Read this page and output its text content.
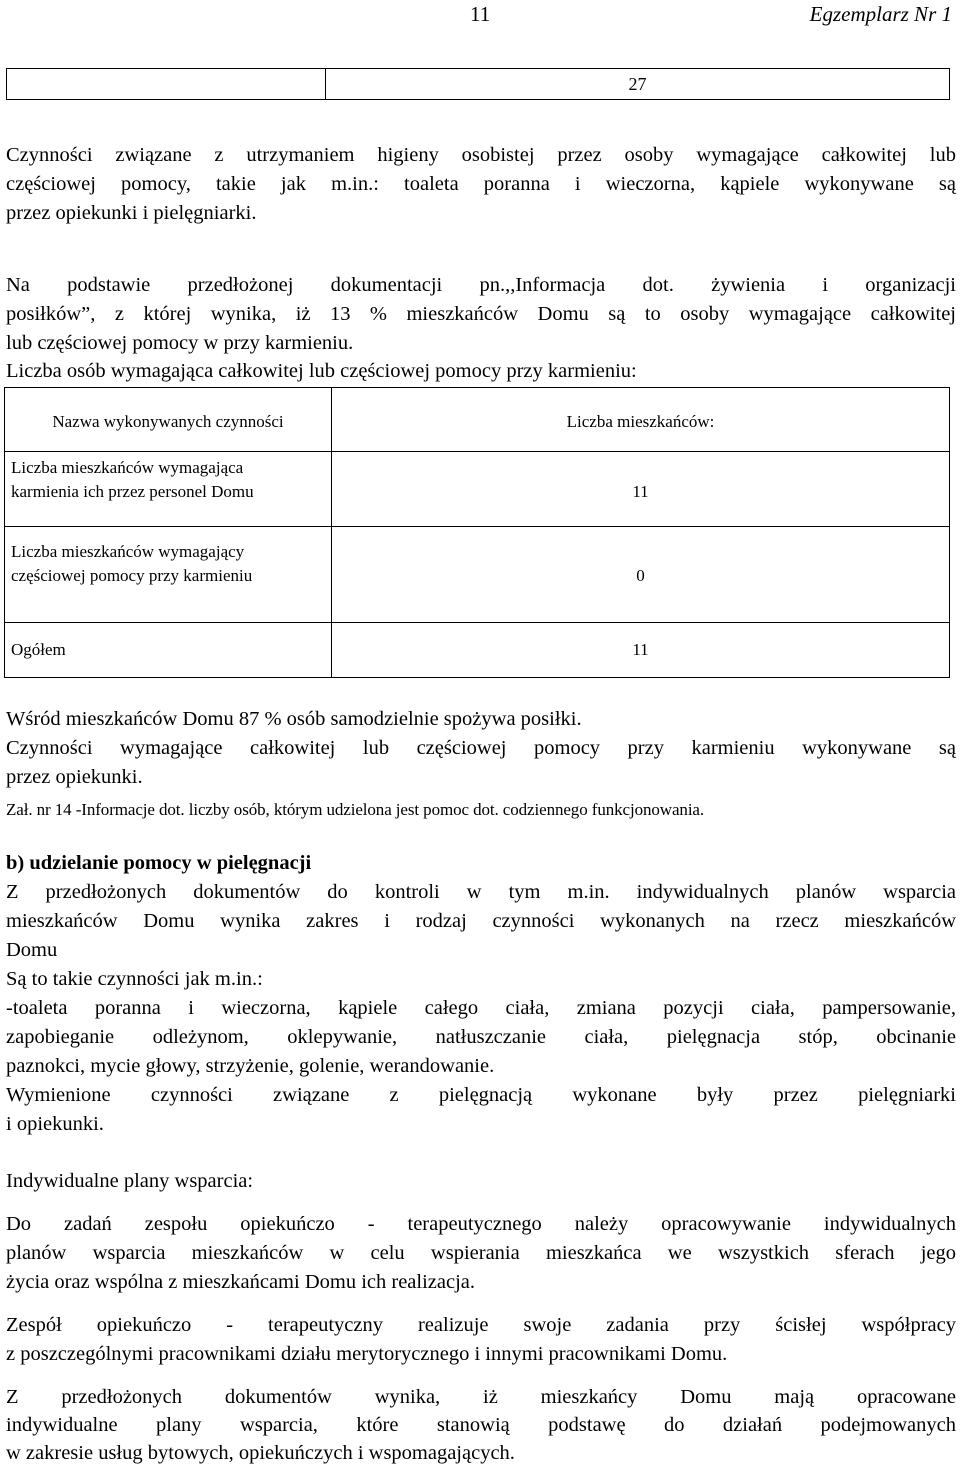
11	Egzemplarz Nr 1
	27
Czynności związane z utrzymaniem higieny osobistej przez osoby wymagające całkowitej lub
częściowej pomocy, takie jak m.in.: toaleta poranna i wieczorna, kąpiele wykonywane są
przez opiekunki i pielęgniarki.
Na podstawie przedłożonej dokumentacji pn.,,Informacja dot. żywienia i organizacji
posiłków”, z której wynika, iż 13 % mieszkańców Domu są to osoby wymagające całkowitej
lub częściowej pomocy w przy karmieniu.
Liczba osób wymagająca całkowitej lub częściowej pomocy przy karmieniu:
Nazwa wykonywanych czynności	Liczba mieszkańców:

Liczba mieszkańców wymagająca
karmienia ich przez personel Domu	11

Liczba mieszkańców wymagający
częściowej pomocy przy karmieniu	0
Ogółem	11
Wśród mieszkańców Domu 87 % osób samodzielnie spożywa posiłki.
Czynności wymagające całkowitej lub częściowej pomocy przy karmieniu wykonywane są
przez opiekunki.
Zał. nr 14 -Informacje dot. liczby osób, którym udzielona jest pomoc dot. codziennego funkcjonowania.
b) udzielanie pomocy w pielęgnacji
Z przedłożonych dokumentów do kontroli w tym m.in. indywidualnych planów wsparcia
mieszkańców Domu wynika zakres i rodzaj czynności wykonanych na rzecz mieszkańców
Domu
Są to takie czynności jak m.in.:
-toaleta poranna i wieczorna, kąpiele całego ciała, zmiana pozycji ciała, pampersowanie,
zapobieganie odleżynom, oklepywanie, natłuszczanie ciała, pielęgnacja stóp, obcinanie
paznokci, mycie głowy, strzyżenie, golenie, werandowanie.
Wymienione czynności związane z pielęgnacją wykonane były przez pielęgniarki
i opiekunki.
Indywidualne plany wsparcia:
Do zadań zespołu opiekuńczo - terapeutycznego należy opracowywanie indywidualnych
planów wsparcia mieszkańców w celu wspierania mieszkańca we wszystkich sferach jego
życia oraz wspólna z mieszkańcami Domu ich realizacja.
Zespół opiekuńczo - terapeutyczny realizuje swoje zadania przy ścisłej współpracy
z poszczególnymi pracownikami działu merytorycznego i innymi pracownikami Domu.
Z przedłożonych dokumentów wynika, iż mieszkańcy Domu mają opracowane
indywidualne plany wsparcia, które stanowią podstawę do działań podejmowanych
w zakresie usług bytowych, opiekuńczych i wspomagających.
